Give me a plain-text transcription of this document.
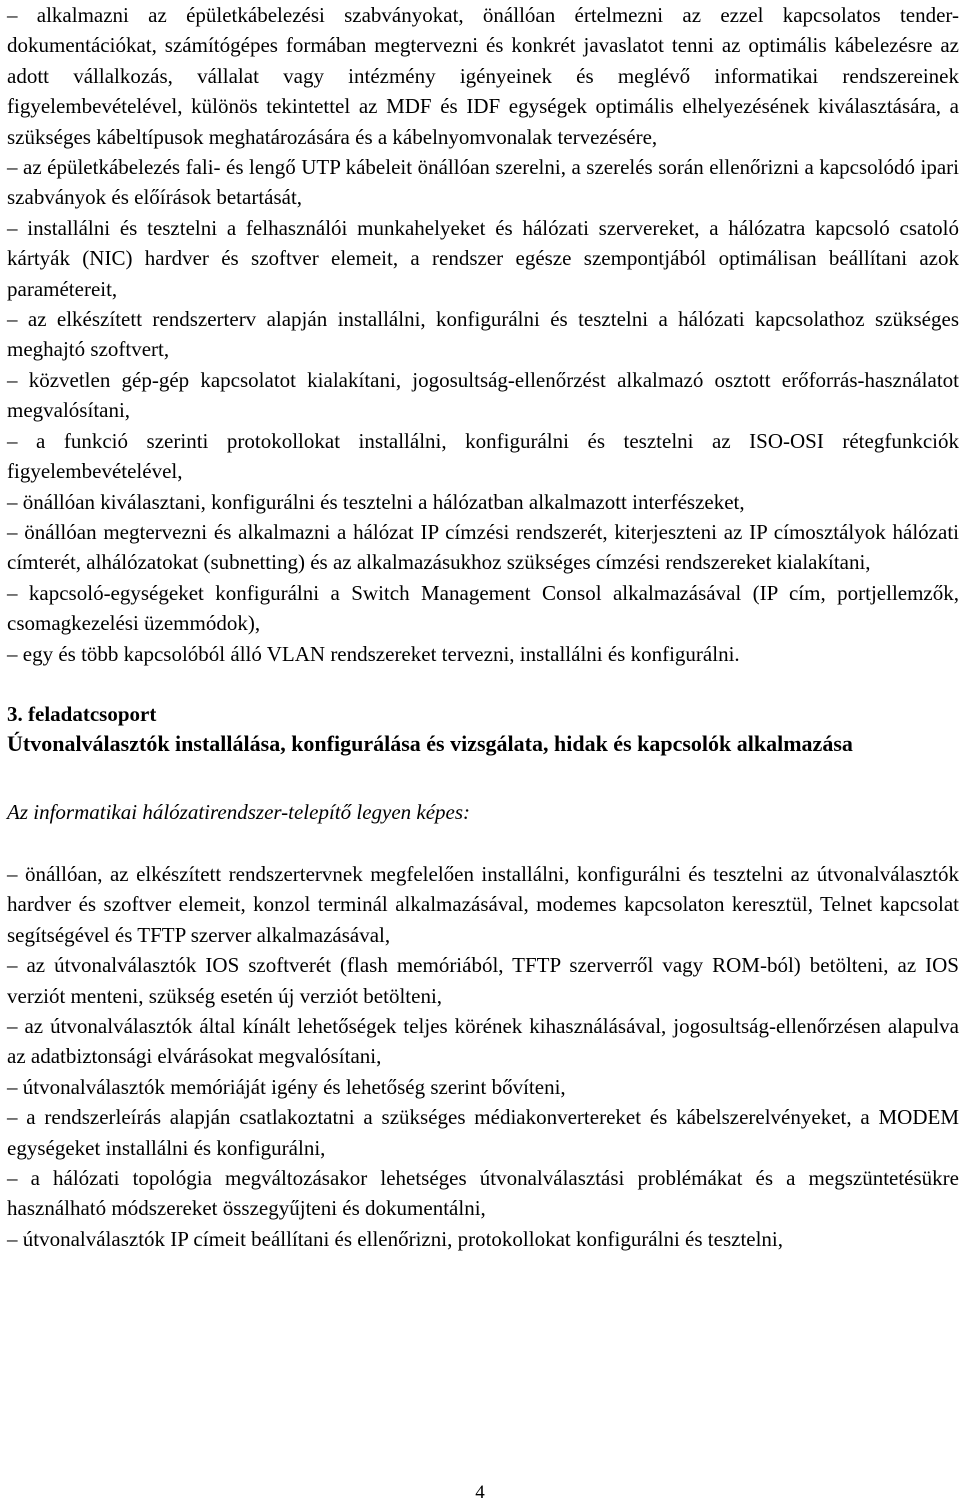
– alkalmazni az épületkábelezési szabványokat, önállóan értelmezni az ezzel kapcsolatos tender-dokumentációkat, számítógépes formában megtervezni és konkrét javaslatot tenni az optimális kábelezésre az adott vállalkozás, vállalat vagy intézmény igényeinek és meglévő informatikai rendszereinek figyelembevételével, különös tekintettel az MDF és IDF egységek optimális elhelyezésének kiválasztására, a szükséges kábeltípusok meghatározására és a kábelnyomvonalak tervezésére,

– az épületkábelezés fali- és lengő UTP kábeleit önállóan szerelni, a szerelés során ellenőrizni a kapcsolódó ipari szabványok és előírások betartását,

– installálni és tesztelni a felhasználói munkahelyeket és hálózati szervereket, a hálózatra kapcsoló csatoló kártyák (NIC) hardver és szoftver elemeit, a rendszer egésze szempontjából optimálisan beállítani azok paramétereit,

– az elkészített rendszerterv alapján installálni, konfigurálni és tesztelni a hálózati kapcsolathoz szükséges meghajtó szoftvert,

– közvetlen gép-gép kapcsolatot kialakítani, jogosultság-ellenőrzést alkalmazó osztott erőforrás-használatot megvalósítani,

– a funkció szerinti protokollokat installálni, konfigurálni és tesztelni az ISO-OSI rétegfunkciók figyelembevételével,

– önállóan kiválasztani, konfigurálni és tesztelni a hálózatban alkalmazott interfészeket,

– önállóan megtervezni és alkalmazni a hálózat IP címzési rendszerét, kiterjeszteni az IP címosztályok hálózati címterét, alhálózatokat (subnetting) és az alkalmazásukhoz szükséges címzési rendszereket kialakítani,

– kapcsoló-egységeket konfigurálni a Switch Management Consol alkalmazásával (IP cím, portjellemzők, csomagkezelési üzemmódok),

– egy és több kapcsolóból álló VLAN rendszereket tervezni, installálni és konfigurálni.

3. feladatcsoport

Útvonalválasztók installálása, konfigurálása és vizsgálata, hidak és kapcsolók alkalmazása

Az informatikai hálózatirendszer-telepítő legyen képes:

– önállóan, az elkészített rendszertervnek megfelelően installálni, konfigurálni és tesztelni az útvonalválasztók hardver és szoftver elemeit, konzol terminál alkalmazásával, modemes kapcsolaton keresztül, Telnet kapcsolat segítségével és TFTP szerver alkalmazásával,

– az útvonalválasztók IOS szoftverét (flash memóriából, TFTP szerverről vagy ROM-ból) betölteni, az IOS verziót menteni, szükség esetén új verziót betölteni,

– az útvonalválasztók által kínált lehetőségek teljes körének kihasználásával, jogosultság-ellenőrzésen alapulva az adatbiztonsági elvárásokat megvalósítani,

– útvonalválasztók memóriáját igény és lehetőség szerint bővíteni,

– a rendszerleírás alapján csatlakoztatni a szükséges médiakonvertereket és kábelszerelvényeket, a MODEM egységeket installálni és konfigurálni,

– a hálózati topológia megváltozásakor lehetséges útvonalválasztási problémákat és a megszüntetésükre használható módszereket összegyűjteni és dokumentálni,

– útvonalválasztók IP címeit beállítani és ellenőrizni, protokollokat konfigurálni és tesztelni,

4
